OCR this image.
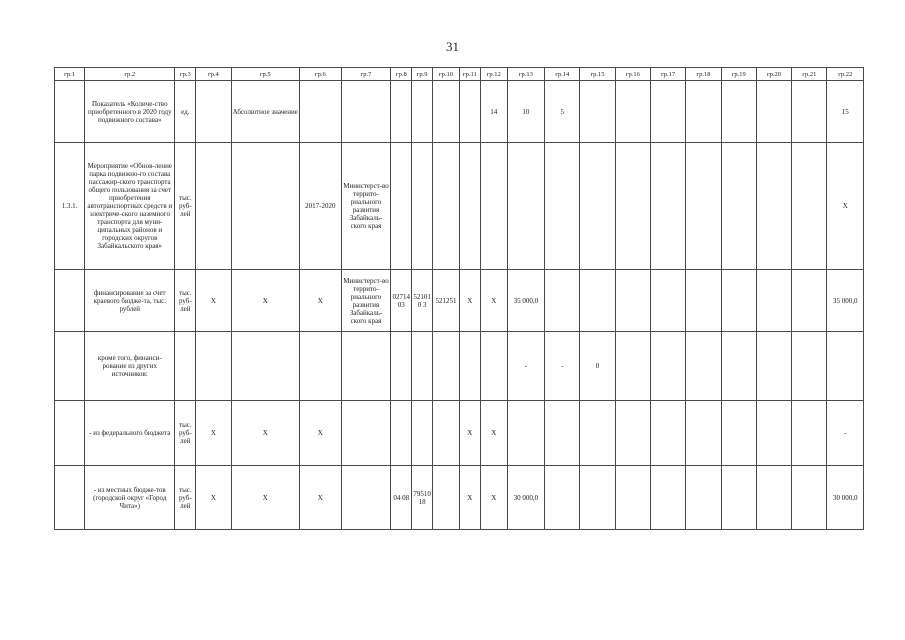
31
гр.1	гр.2	гр.3	гр.4	гр.5	гр.6	гр.7	гр.8	гр.9	гр.10	гр.11	гр.12	гр.13	гр.14	гр.15	гр.16	гр.17	гр.18	гр.19	гр.20	гр.21	гр.22
	Показатель «Количе-ство приобретенного в 2020 году подвижного состава»	ед.		Абсолютное значение							14	10	5								15
1.3.1.	Мероприятие «Обнов-ление парка подвижно-го состава пассажир-ского транспорта общего пользования за счет приобретения автотранспортных средств и электриче-ского наземного транспорта для муни-ципальных районов и городских округов Забайкальского края»	тыс. руб-лей			2017-2020	Министерст-во террито-риального развития Забайкаль-ского края															X
	финансирование за счет краевого бюдже-та, тыс. рублей	тыс. руб-лей	X	X	X	Министерст-во террито-риального развития Забайкаль-ского края	02714 03	521010 3	521251	X	X	35 000,0									35 000,0
	кроме того, финанси-рование из других источников:											-	-	0							
	- из федерального бюджета	тыс. руб-лей	X	X	X					X	X										-
	- из местных бюдже-тов (городской округ «Город Чита»)	тыс. руб-лей	X	X	X		04 08	79510 18		X	X	30 000,0									30 000,0
